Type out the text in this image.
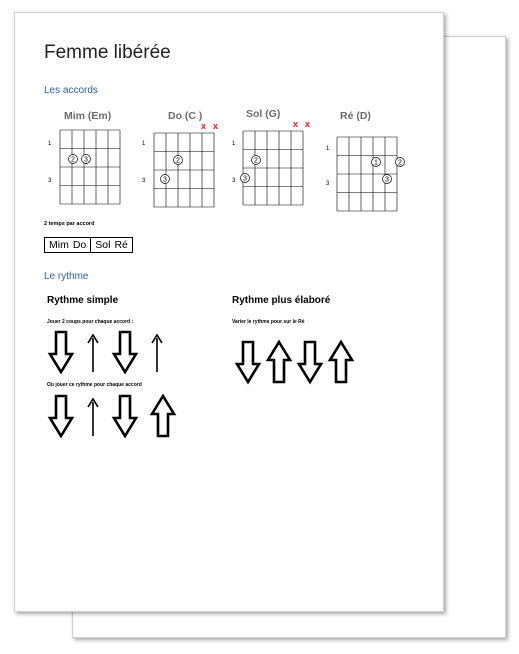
Femme libérée
Les accords
Mim (Em)
1
3
2 3
Do (C )
x x
1
3
2
3
Sol (G)
x x
1
3
2
3
Ré (D)
1
3
1	2
3
2 temps par accord
Mim Do Sol Ré
Le rythme
Rythme simple
Jouer 2 coups pour chaque accord :
Ou jouer ce rythme pour chaque accord
Rythme plus élaboré
Varier le rythme pour sur le Ré
